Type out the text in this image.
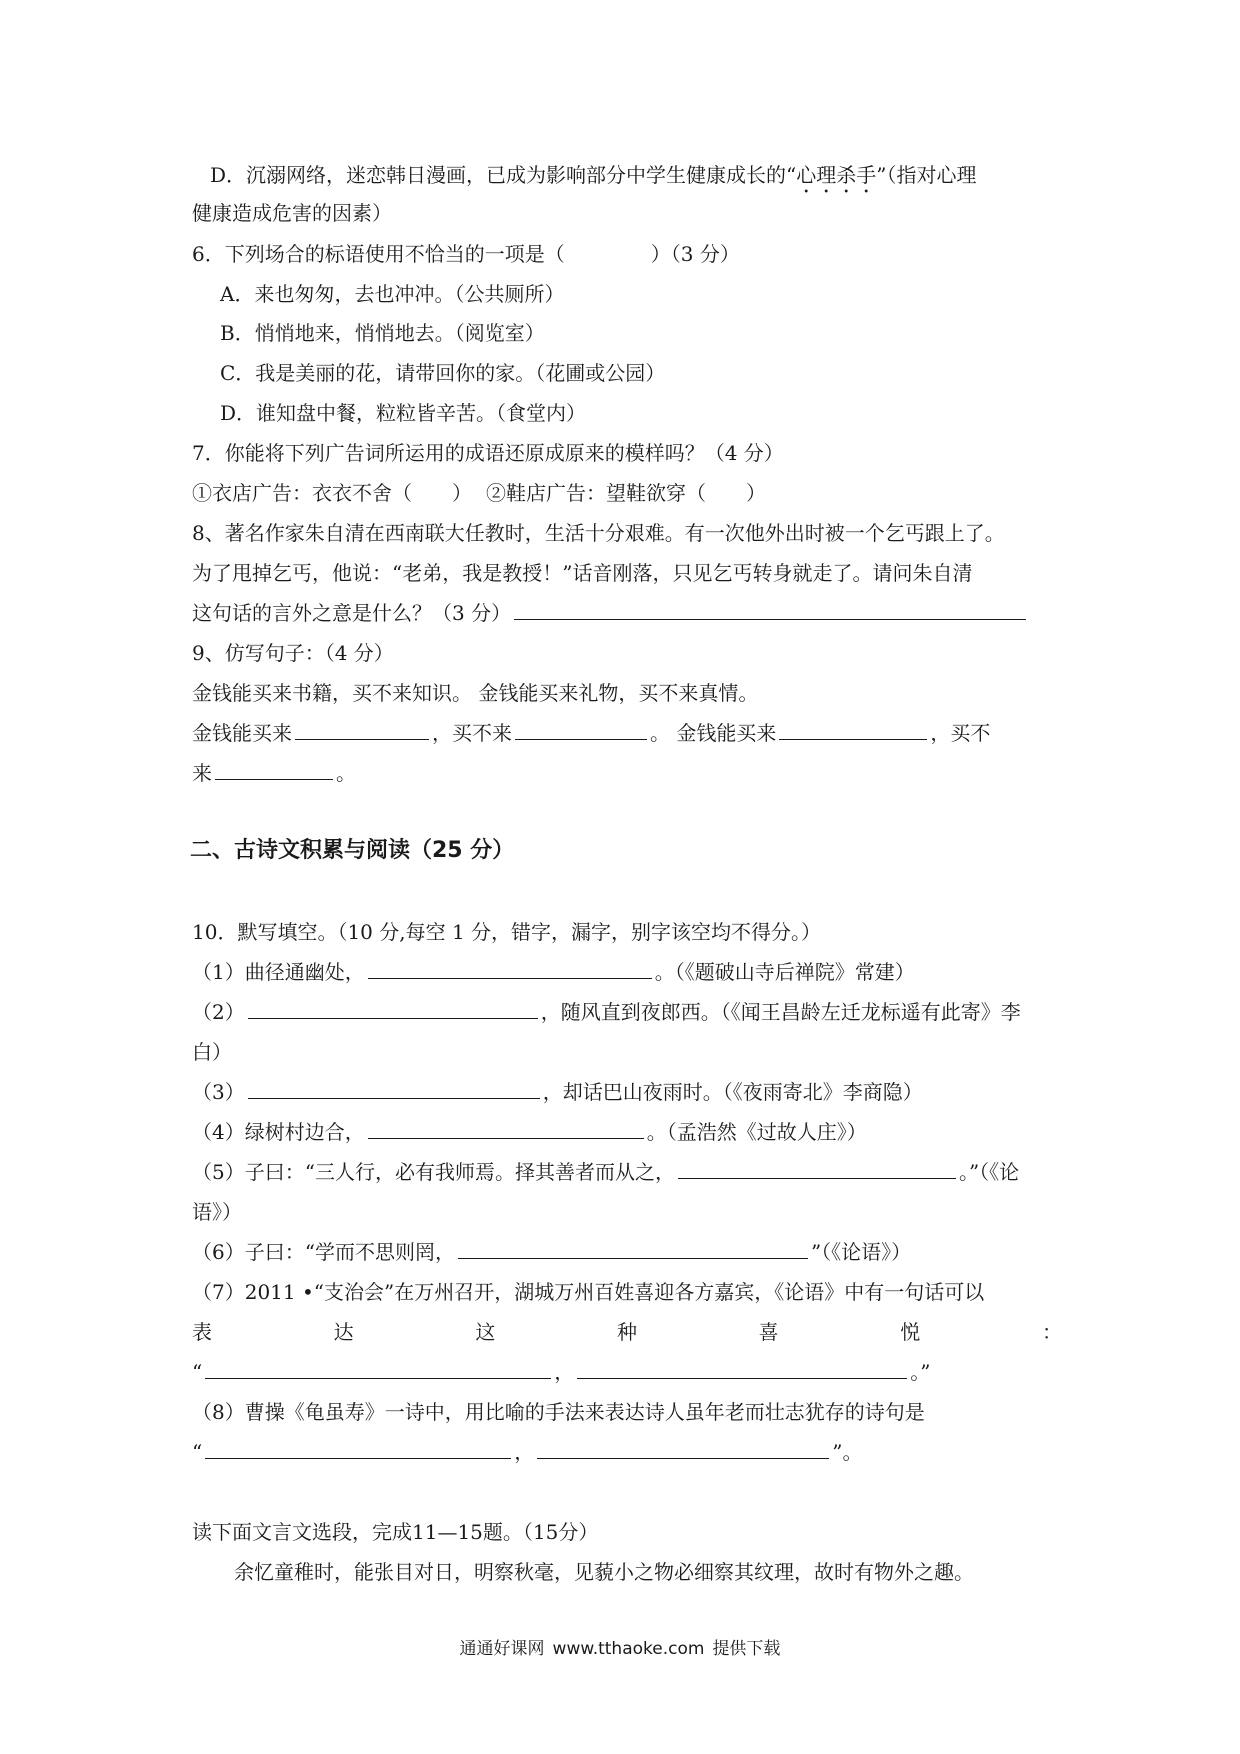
D．沉溺网络，迷恋韩日漫画，已成为影响部分中学生健康成长的“心理杀手”（指对心理
健康造成危害的因素）
6．下列场合的标语使用不恰当的一项是（	）（3 分）
A．来也匆匆，去也冲冲。（公共厕所）
B．悄悄地来，悄悄地去。（阅览室）
C．我是美丽的花，请带回你的家。（花圃或公园）
D．谁知盘中餐，粒粒皆辛苦。（食堂内）
7．你能将下列广告词所运用的成语还原成原来的模样吗？（4 分）
①衣店广告：衣衣不舍（ ） ②鞋店广告：望鞋欲穿（ ）
8、著名作家朱自清在西南联大任教时，生活十分艰难。有一次他外出时被一个乞丐跟上了。
为了甩掉乞丐，他说：“老弟，我是教授！”话音刚落，只见乞丐转身就走了。请问朱自清
这句话的言外之意是什么？（3 分）
9、仿写句子：（4 分）
金钱能买来书籍，买不来知识。 金钱能买来礼物，买不来真情。
金钱能买来	，买不来	。 金钱能买来	，买不
来	。
二、古诗文积累与阅读（25 分）
10．默写填空。（10 分,每空 1 分，错字，漏字，别字该空均不得分。）
（1）曲径通幽处，	。（《题破山寺后禅院》常建）
（2）	，随风直到夜郎西。（《闻王昌龄左迁龙标遥有此寄》李
白）
（3）	，却话巴山夜雨时。（《夜雨寄北》李商隐）
（4）绿树村边合，	。（孟浩然《过故人庄》）
（5）子曰：“三人行，必有我师焉。择其善者而从之，	。”（《论
语》）
（6）子曰：“学而不思则罔，	”（《论语》）
（7）2011 •“支治会”在万州召开，湖城万州百姓喜迎各方嘉宾，《论语》中有一句话可以
表	达	这	种	喜	悦	：
“	，	。”
（8）曹操《龟虽寿》一诗中，用比喻的手法来表达诗人虽年老而壮志犹存的诗句是
“	，	”。
读下面文言文选段，完成11—15题。（15分）
余忆童稚时，能张目对日，明察秋毫，见藐小之物必细察其纹理，故时有物外之趣。
通通好课网 www.tthaoke.com 提供下载
